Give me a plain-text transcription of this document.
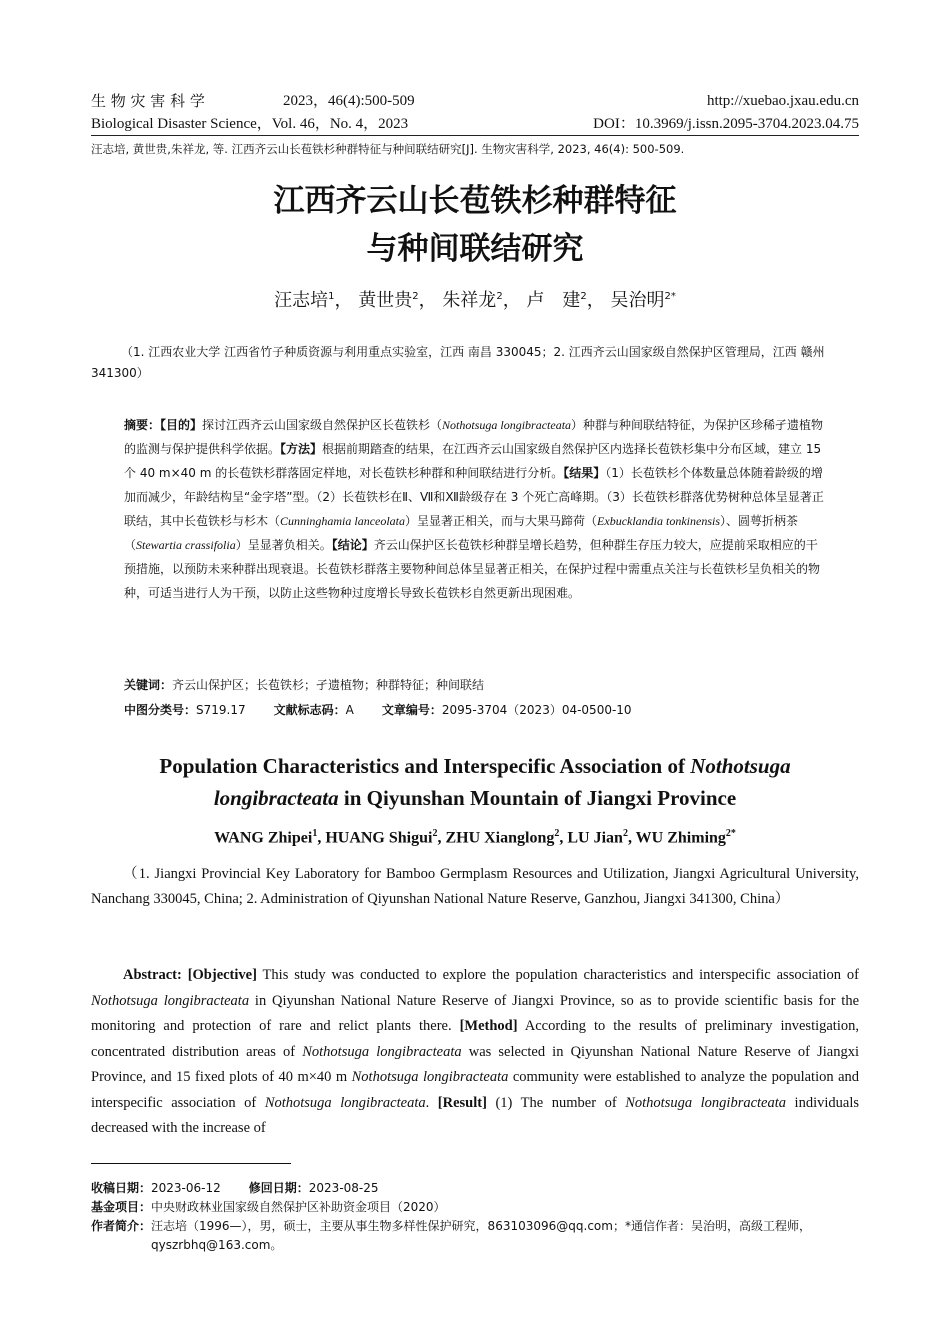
生 物 灾 害 科 学	2023，46(4):500-509	http://xuebao.jxau.edu.cn
Biological Disaster Science，Vol. 46，No. 4，2023	DOI：10.3969/j.issn.2095-3704.2023.04.75
汪志培, 黄世贵,朱祥龙, 等. 江西齐云山长苞铁杉种群特征与种间联结研究[J]. 生物灾害科学, 2023, 46(4): 500-509.
江西齐云山长苞铁杉种群特征
与种间联结研究
汪志培$^1$， 黄世贵$^2$， 朱祥龙$^2$， 卢　建$^2$， 吴治明$^{2*}$
（1. 江西农业大学 江西省竹子种质资源与利用重点实验室，江西 南昌 330045；2. 江西齐云山国家级自然保护区管理局，江西 赣州 341300）
摘要：【目的】探讨江西齐云山国家级自然保护区长苞铁杉（Nothotsuga longibracteata）种群与种间联结特征，为保护区珍稀孑遗植物的监测与保护提供科学依据。【方法】根据前期踏查的结果，在江西齐云山国家级自然保护区内选择长苞铁杉集中分布区域，建立 15 个 40 m×40 m 的长苞铁杉群落固定样地，对长苞铁杉种群和种间联结进行分析。【结果】（1）长苞铁杉个体数量总体随着龄级的增加而减少，年龄结构呈“金字塔”型。（2）长苞铁杉在Ⅱ、Ⅶ和Ⅻ龄级存在 3 个死亡高峰期。（3）长苞铁杉群落优势树种总体呈显著正联结，其中长苞铁杉与杉木（Cunninghamia lanceolata）呈显著正相关，而与大果马蹄荷（Exbucklandia tonkinensis）、圆萼折柄茶（Stewartia crassifolia）呈显著负相关。【结论】齐云山保护区长苞铁杉种群呈增长趋势，但种群生存压力较大，应提前采取相应的干预措施，以预防未来种群出现衰退。长苞铁杉群落主要物种间总体呈显著正相关，在保护过程中需重点关注与长苞铁杉呈负相关的物种，可适当进行人为干预，以防止这些物种过度增长导致长苞铁杉自然更新出现困难。
关键词：齐云山保护区；长苞铁杉；孑遗植物；种群特征；种间联结
中图分类号：S719.17 文献标志码：A 文章编号：2095-3704（2023）04-0500-10
Population Characteristics and Interspecific Association of Nothotsuga
longibracteata in Qiyunshan Mountain of Jiangxi Province
WANG Zhipei$^1$, HUANG Shigui$^2$, ZHU Xianglong$^2$, LU Jian$^2$, WU Zhiming$^{2*}$
（1. Jiangxi Provincial Key Laboratory for Bamboo Germplasm Resources and Utilization, Jiangxi Agricultural University, Nanchang 330045, China; 2. Administration of Qiyunshan National Nature Reserve, Ganzhou, Jiangxi 341300, China）
Abstract: [Objective] This study was conducted to explore the population characteristics and interspecific association of Nothotsuga longibracteata in Qiyunshan National Nature Reserve of Jiangxi Province, so as to provide scientific basis for the monitoring and protection of rare and relict plants there. [Method] According to the results of preliminary investigation, concentrated distribution areas of Nothotsuga longibracteata was selected in Qiyunshan National Nature Reserve of Jiangxi Province, and 15 fixed plots of 40 m×40 m Nothotsuga longibracteata community were established to analyze the population and interspecific association of Nothotsuga longibracteata. [Result] (1) The number of Nothotsuga longibracteata individuals decreased with the increase of
收稿日期： 2023-06-12 修回日期： 2023-08-25
基金项目： 中央财政林业国家级自然保护区补助资金项目（2020）
作者简介： 汪志培（1996—），男，硕士，主要从事生物多样性保护研究，863103096@qq.com；*通信作者：吴治明，高级工程师，qyszrbhq@163.com。
